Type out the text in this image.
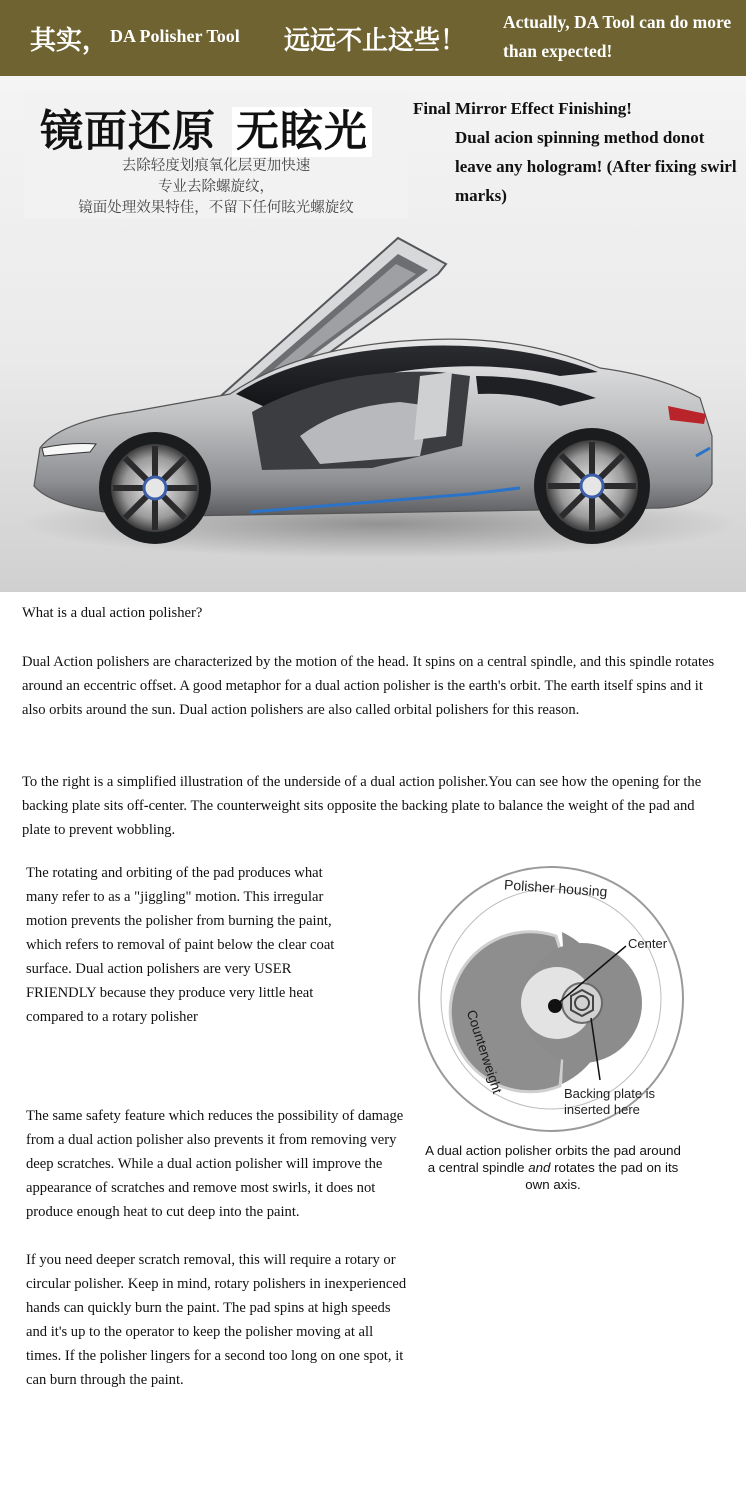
其实， DA Polisher Tool 远远不止这些！
Actually, DA Tool can do more than expected!
镜面还原 无眩光
去除轻度划痕氧化层更加快速
专业去除螺旋纹，
镜面处理效果特佳，不留下任何眩光螺旋纹
Final Mirror Effect Finishing!
Dual acion spinning method donot leave any hologram! (After fixing swirl marks)
What is a dual action polisher?
Dual Action polishers are characterized by the motion of the head. It spins on a central spindle, and this spindle rotates around an eccentric offset. A good metaphor for a dual action polisher is the earth's orbit. The earth itself spins and it also orbits around the sun. Dual action polishers are also called orbital polishers for this reason.
To the right is a simplified illustration of the underside of a dual action polisher.You can see how the opening for the backing plate sits off-center. The counterweight sits opposite the backing plate to balance the weight of the pad and plate to prevent wobbling.
The rotating and orbiting of the pad produces what many refer to as a "jiggling" motion. This irregular motion prevents the polisher from burning the paint, which refers to removal of paint below the clear coat surface. Dual action polishers are very USER FRIENDLY because they produce very little heat compared to a rotary polisher
The same safety feature which reduces the possibility of damage from a dual action polisher also prevents it from removing very deep scratches. While a dual action polisher will improve the appearance of scratches and remove most swirls, it does not produce enough heat to cut deep into the paint.
If you need deeper scratch removal, this will require a rotary or circular polisher. Keep in mind, rotary polishers in inexperienced hands can quickly burn the paint. The pad spins at high speeds and it's up to the operator to keep the polisher moving at all times. If the polisher lingers for a second too long on one spot, it can burn through the paint.
Polisher housing
Center
Counterweight	Backing plate is
inserted here
A dual action polisher orbits the pad around
a central spindle and rotates the pad on its
own axis.
